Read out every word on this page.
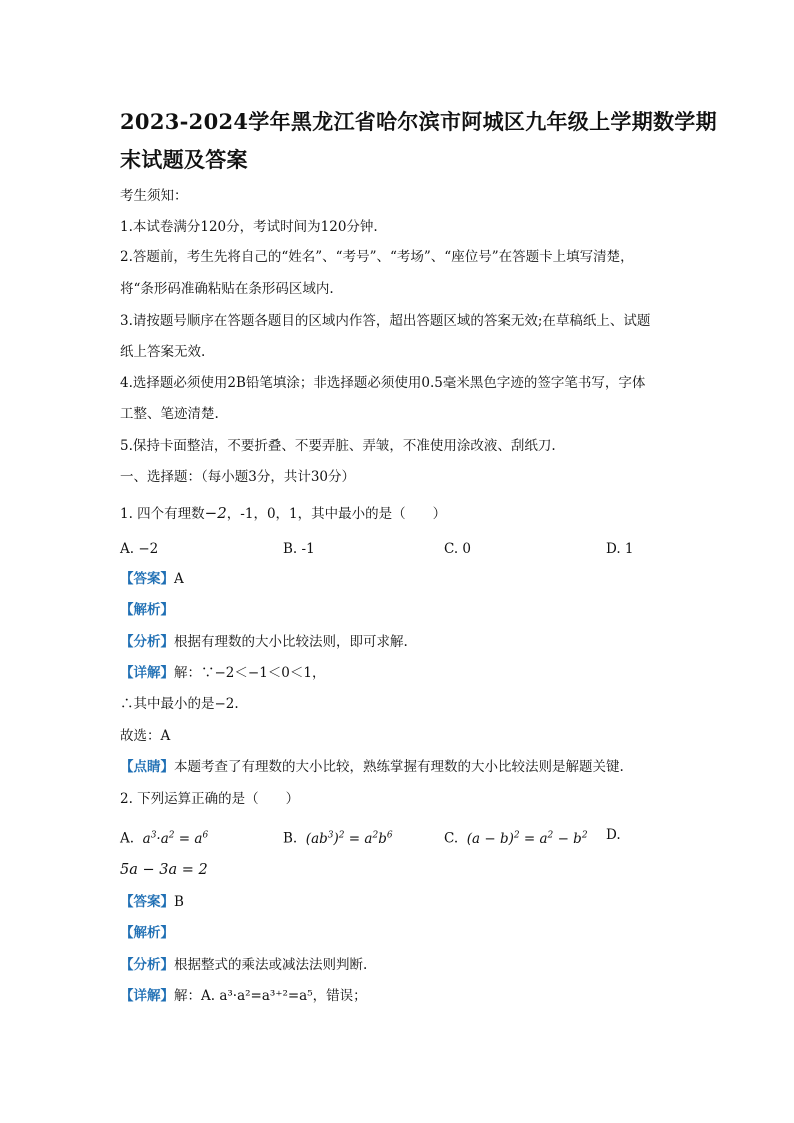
2023-2024学年黑龙江省哈尔滨市阿城区九年级上学期数学期末试题及答案
考生须知：
1.本试卷满分120分，考试时间为120分钟.
2.答题前，考生先将自己的“姓名”、“考号”、“考场”、“座位号”在答题卡上填写清楚，
将“条形码准确粘贴在条形码区域内.
3.请按题号顺序在答题各题目的区域内作答，超出答题区域的答案无效;在草稿纸上、试题
纸上答案无效.
4.选择题必须使用2B铅笔填涂；非选择题必须使用0.5毫米黑色字迹的签字笔书写，字体
工整、笔迹清楚.
5.保持卡面整洁，不要折叠、不要弄脏、弄皱，不准使用涂改液、刮纸刀.
一、选择题：（每小题3分，共计30分）
1. 四个有理数−2，-1，0，1，其中最小的是（　　）
A. −2	B. -1	C. 0	D. 1
【答案】A
【解析】
【分析】根据有理数的大小比较法则，即可求解.
【详解】解：∵−2＜−1＜0＜1，
∴其中最小的是−2.
故选：A
【点睛】本题考查了有理数的大小比较，熟练掌握有理数的大小比较法则是解题关键.
2. 下列运算正确的是（　　）
A.  $a^3\cdot a^2 = a^6$	B.  $(ab^3)^2 = a^2b^6$	C.  $(a - b)^2 = a^2 - b^2$ D.
5a − 3a = 2
【答案】B
【解析】
【分析】根据整式的乘法或减法法则判断.
【详解】解：A. a³·a²=a³⁺²=a⁵，错误；
